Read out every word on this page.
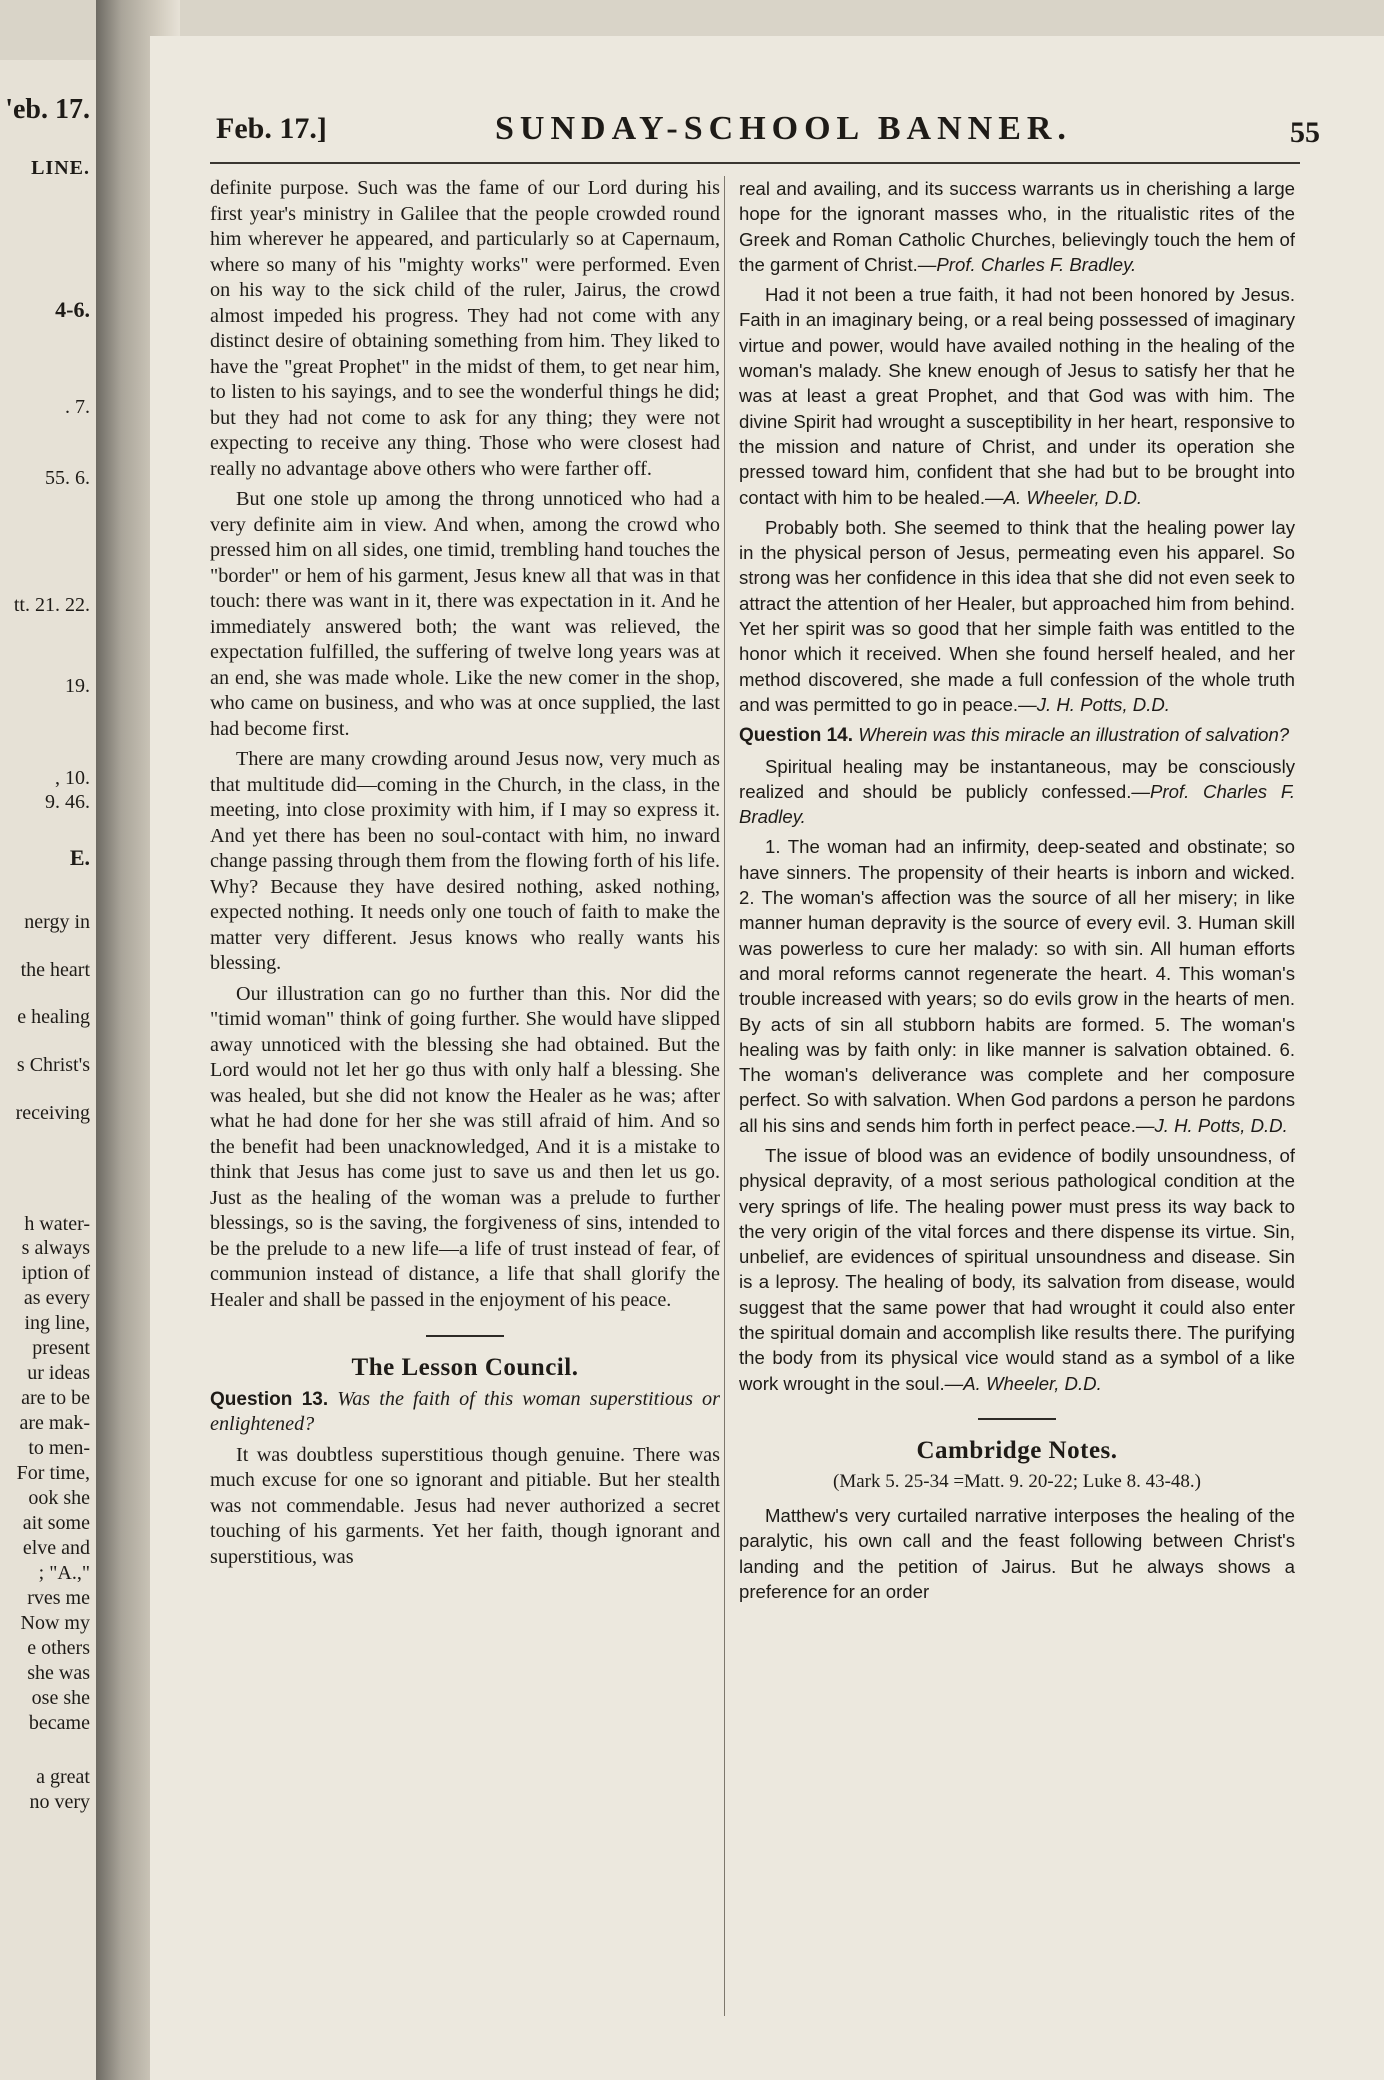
'eb. 17.
LINE.
4-6.
. 7.
55. 6.
tt. 21. 22.
19.
, 10.
9. 46.
E.
nergy in
the heart
e healing
s Christ's
receiving
h water-
s always
iption of
as every
ing line,
present
ur ideas
are to be
are mak-
to men-
For time,
ook she
ait some
elve and
; "A.,"
rves me
Now my
e others
she was
ose she
became
a great
no very
Feb. 17.]	SUNDAY-SCHOOL BANNER.	55

definite purpose. Such was the fame of our Lord during his first year's ministry in Galilee that the people crowded round him wherever he appeared, and particularly so at Capernaum, where so many of his "mighty works" were performed. Even on his way to the sick child of the ruler, Jairus, the crowd almost impeded his progress. They had not come with any distinct desire of obtaining something from him. They liked to have the "great Prophet" in the midst of them, to get near him, to listen to his sayings, and to see the wonderful things he did; but they had not come to ask for any thing; they were not expecting to receive any thing. Those who were closest had really no advantage above others who were farther off.

But one stole up among the throng unnoticed who had a very definite aim in view. And when, among the crowd who pressed him on all sides, one timid, trembling hand touches the "border" or hem of his garment, Jesus knew all that was in that touch: there was want in it, there was expectation in it. And he immediately answered both; the want was relieved, the expectation fulfilled, the suffering of twelve long years was at an end, she was made whole. Like the new comer in the shop, who came on business, and who was at once supplied, the last had become first.

There are many crowding around Jesus now, very much as that multitude did—coming in the Church, in the class, in the meeting, into close proximity with him, if I may so express it. And yet there has been no soul-contact with him, no inward change passing through them from the flowing forth of his life. Why? Because they have desired nothing, asked nothing, expected nothing. It needs only one touch of faith to make the matter very different. Jesus knows who really wants his blessing.

Our illustration can go no further than this. Nor did the "timid woman" think of going further. She would have slipped away unnoticed with the blessing she had obtained. But the Lord would not let her go thus with only half a blessing. She was healed, but she did not know the Healer as he was; after what he had done for her she was still afraid of him. And so the benefit had been unacknowledged, And it is a mistake to think that Jesus has come just to save us and then let us go. Just as the healing of the woman was a prelude to further blessings, so is the saving, the forgiveness of sins, intended to be the prelude to a new life—a life of trust instead of fear, of communion instead of distance, a life that shall glorify the Healer and shall be passed in the enjoyment of his peace.

The Lesson Council.

Question 13. Was the faith of this woman superstitious or enlightened?

It was doubtless superstitious though genuine. There was much excuse for one so ignorant and pitiable. But her stealth was not commendable. Jesus had never authorized a secret touching of his garments. Yet her faith, though ignorant and superstitious, was

real and availing, and its success warrants us in cherishing a large hope for the ignorant masses who, in the ritualistic rites of the Greek and Roman Catholic Churches, believingly touch the hem of the garment of Christ.—Prof. Charles F. Bradley.

Had it not been a true faith, it had not been honored by Jesus. Faith in an imaginary being, or a real being possessed of imaginary virtue and power, would have availed nothing in the healing of the woman's malady. She knew enough of Jesus to satisfy her that he was at least a great Prophet, and that God was with him. The divine Spirit had wrought a susceptibility in her heart, responsive to the mission and nature of Christ, and under its operation she pressed toward him, confident that she had but to be brought into contact with him to be healed.—A. Wheeler, D.D.

Probably both. She seemed to think that the healing power lay in the physical person of Jesus, permeating even his apparel. So strong was her confidence in this idea that she did not even seek to attract the attention of her Healer, but approached him from behind. Yet her spirit was so good that her simple faith was entitled to the honor which it received. When she found herself healed, and her method discovered, she made a full confession of the whole truth and was permitted to go in peace.—J. H. Potts, D.D.

Question 14. Wherein was this miracle an illustration of salvation?

Spiritual healing may be instantaneous, may be consciously realized and should be publicly confessed.—Prof. Charles F. Bradley.

1. The woman had an infirmity, deep-seated and obstinate; so have sinners. The propensity of their hearts is inborn and wicked. 2. The woman's affection was the source of all her misery; in like manner human depravity is the source of every evil. 3. Human skill was powerless to cure her malady: so with sin. All human efforts and moral reforms cannot regenerate the heart. 4. This woman's trouble increased with years; so do evils grow in the hearts of men. By acts of sin all stubborn habits are formed. 5. The woman's healing was by faith only: in like manner is salvation obtained. 6. The woman's deliverance was complete and her composure perfect. So with salvation. When God pardons a person he pardons all his sins and sends him forth in perfect peace.—J. H. Potts, D.D.

The issue of blood was an evidence of bodily unsoundness, of physical depravity, of a most serious pathological condition at the very springs of life. The healing power must press its way back to the very origin of the vital forces and there dispense its virtue. Sin, unbelief, are evidences of spiritual unsoundness and disease. Sin is a leprosy. The healing of body, its salvation from disease, would suggest that the same power that had wrought it could also enter the spiritual domain and accomplish like results there. The purifying the body from its physical vice would stand as a symbol of a like work wrought in the soul.—A. Wheeler, D.D.

Cambridge Notes.
(Mark 5. 25-34 =Matt. 9. 20-22; Luke 8. 43-48.)

Matthew's very curtailed narrative interposes the healing of the paralytic, his own call and the feast following between Christ's landing and the petition of Jairus. But he always shows a preference for an order
